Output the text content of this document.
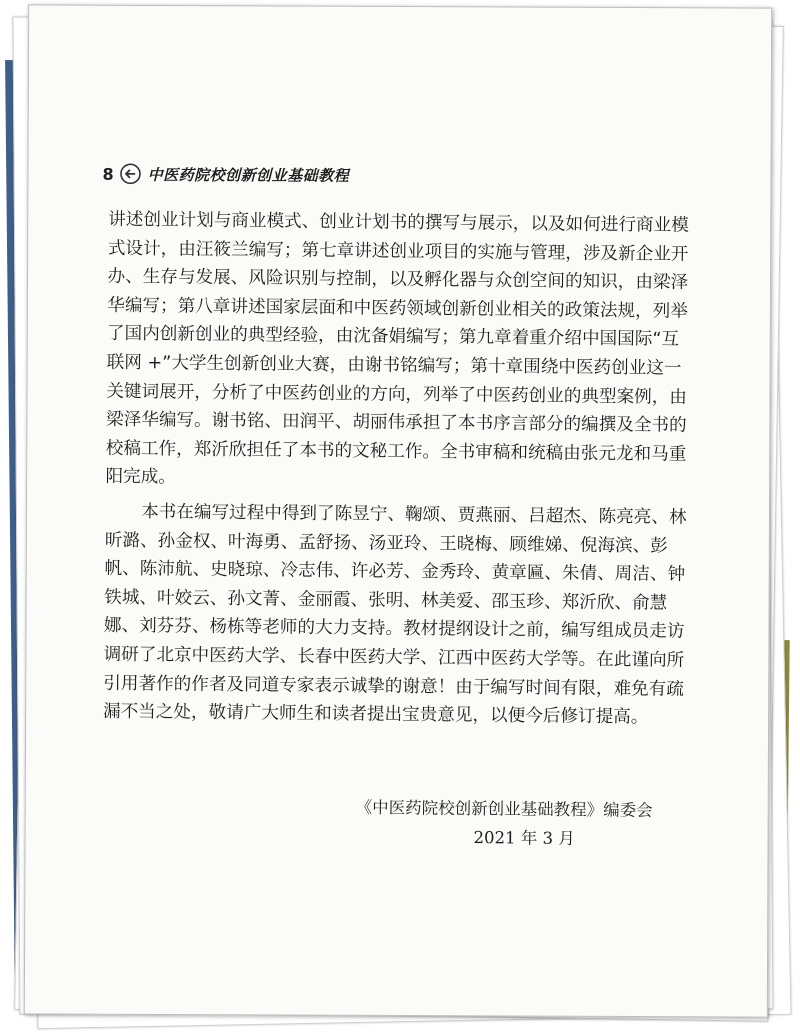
8 中医药院校创新创业基础教程
讲述创业计划与商业模式、创业计划书的撰写与展示，以及如何进行商业模
式设计，由汪筱兰编写；第七章讲述创业项目的实施与管理，涉及新企业开
办、生存与发展、风险识别与控制，以及孵化器与众创空间的知识，由梁泽
华编写；第八章讲述国家层面和中医药领域创新创业相关的政策法规，列举
了国内创新创业的典型经验，由沈备娟编写；第九章着重介绍中国国际“互
联网 +”大学生创新创业大赛，由谢书铭编写；第十章围绕中医药创业这一
关键词展开，分析了中医药创业的方向，列举了中医药创业的典型案例，由
梁泽华编写。谢书铭、田润平、胡丽伟承担了本书序言部分的编撰及全书的
校稿工作，郑沂欣担任了本书的文秘工作。全书审稿和统稿由张元龙和马重
阳完成。
本书在编写过程中得到了陈昱宁、鞠颂、贾燕丽、吕超杰、陈亮亮、林
昕潞、孙金权、叶海勇、孟舒扬、汤亚玲、王晓梅、顾维娣、倪海滨、彭
帆、陈沛航、史晓琼、冷志伟、许必芳、金秀玲、黄章匾、朱倩、周洁、钟
铁城、叶姣云、孙文菁、金丽霞、张明、林美爱、邵玉珍、郑沂欣、俞慧
娜、刘芬芬、杨栋等老师的大力支持。教材提纲设计之前，编写组成员走访
调研了北京中医药大学、长春中医药大学、江西中医药大学等。在此谨向所
引用著作的作者及同道专家表示诚挚的谢意！由于编写时间有限，难免有疏
漏不当之处，敬请广大师生和读者提出宝贵意见，以便今后修订提高。
《中医药院校创新创业基础教程》编委会
2021 年 3 月
